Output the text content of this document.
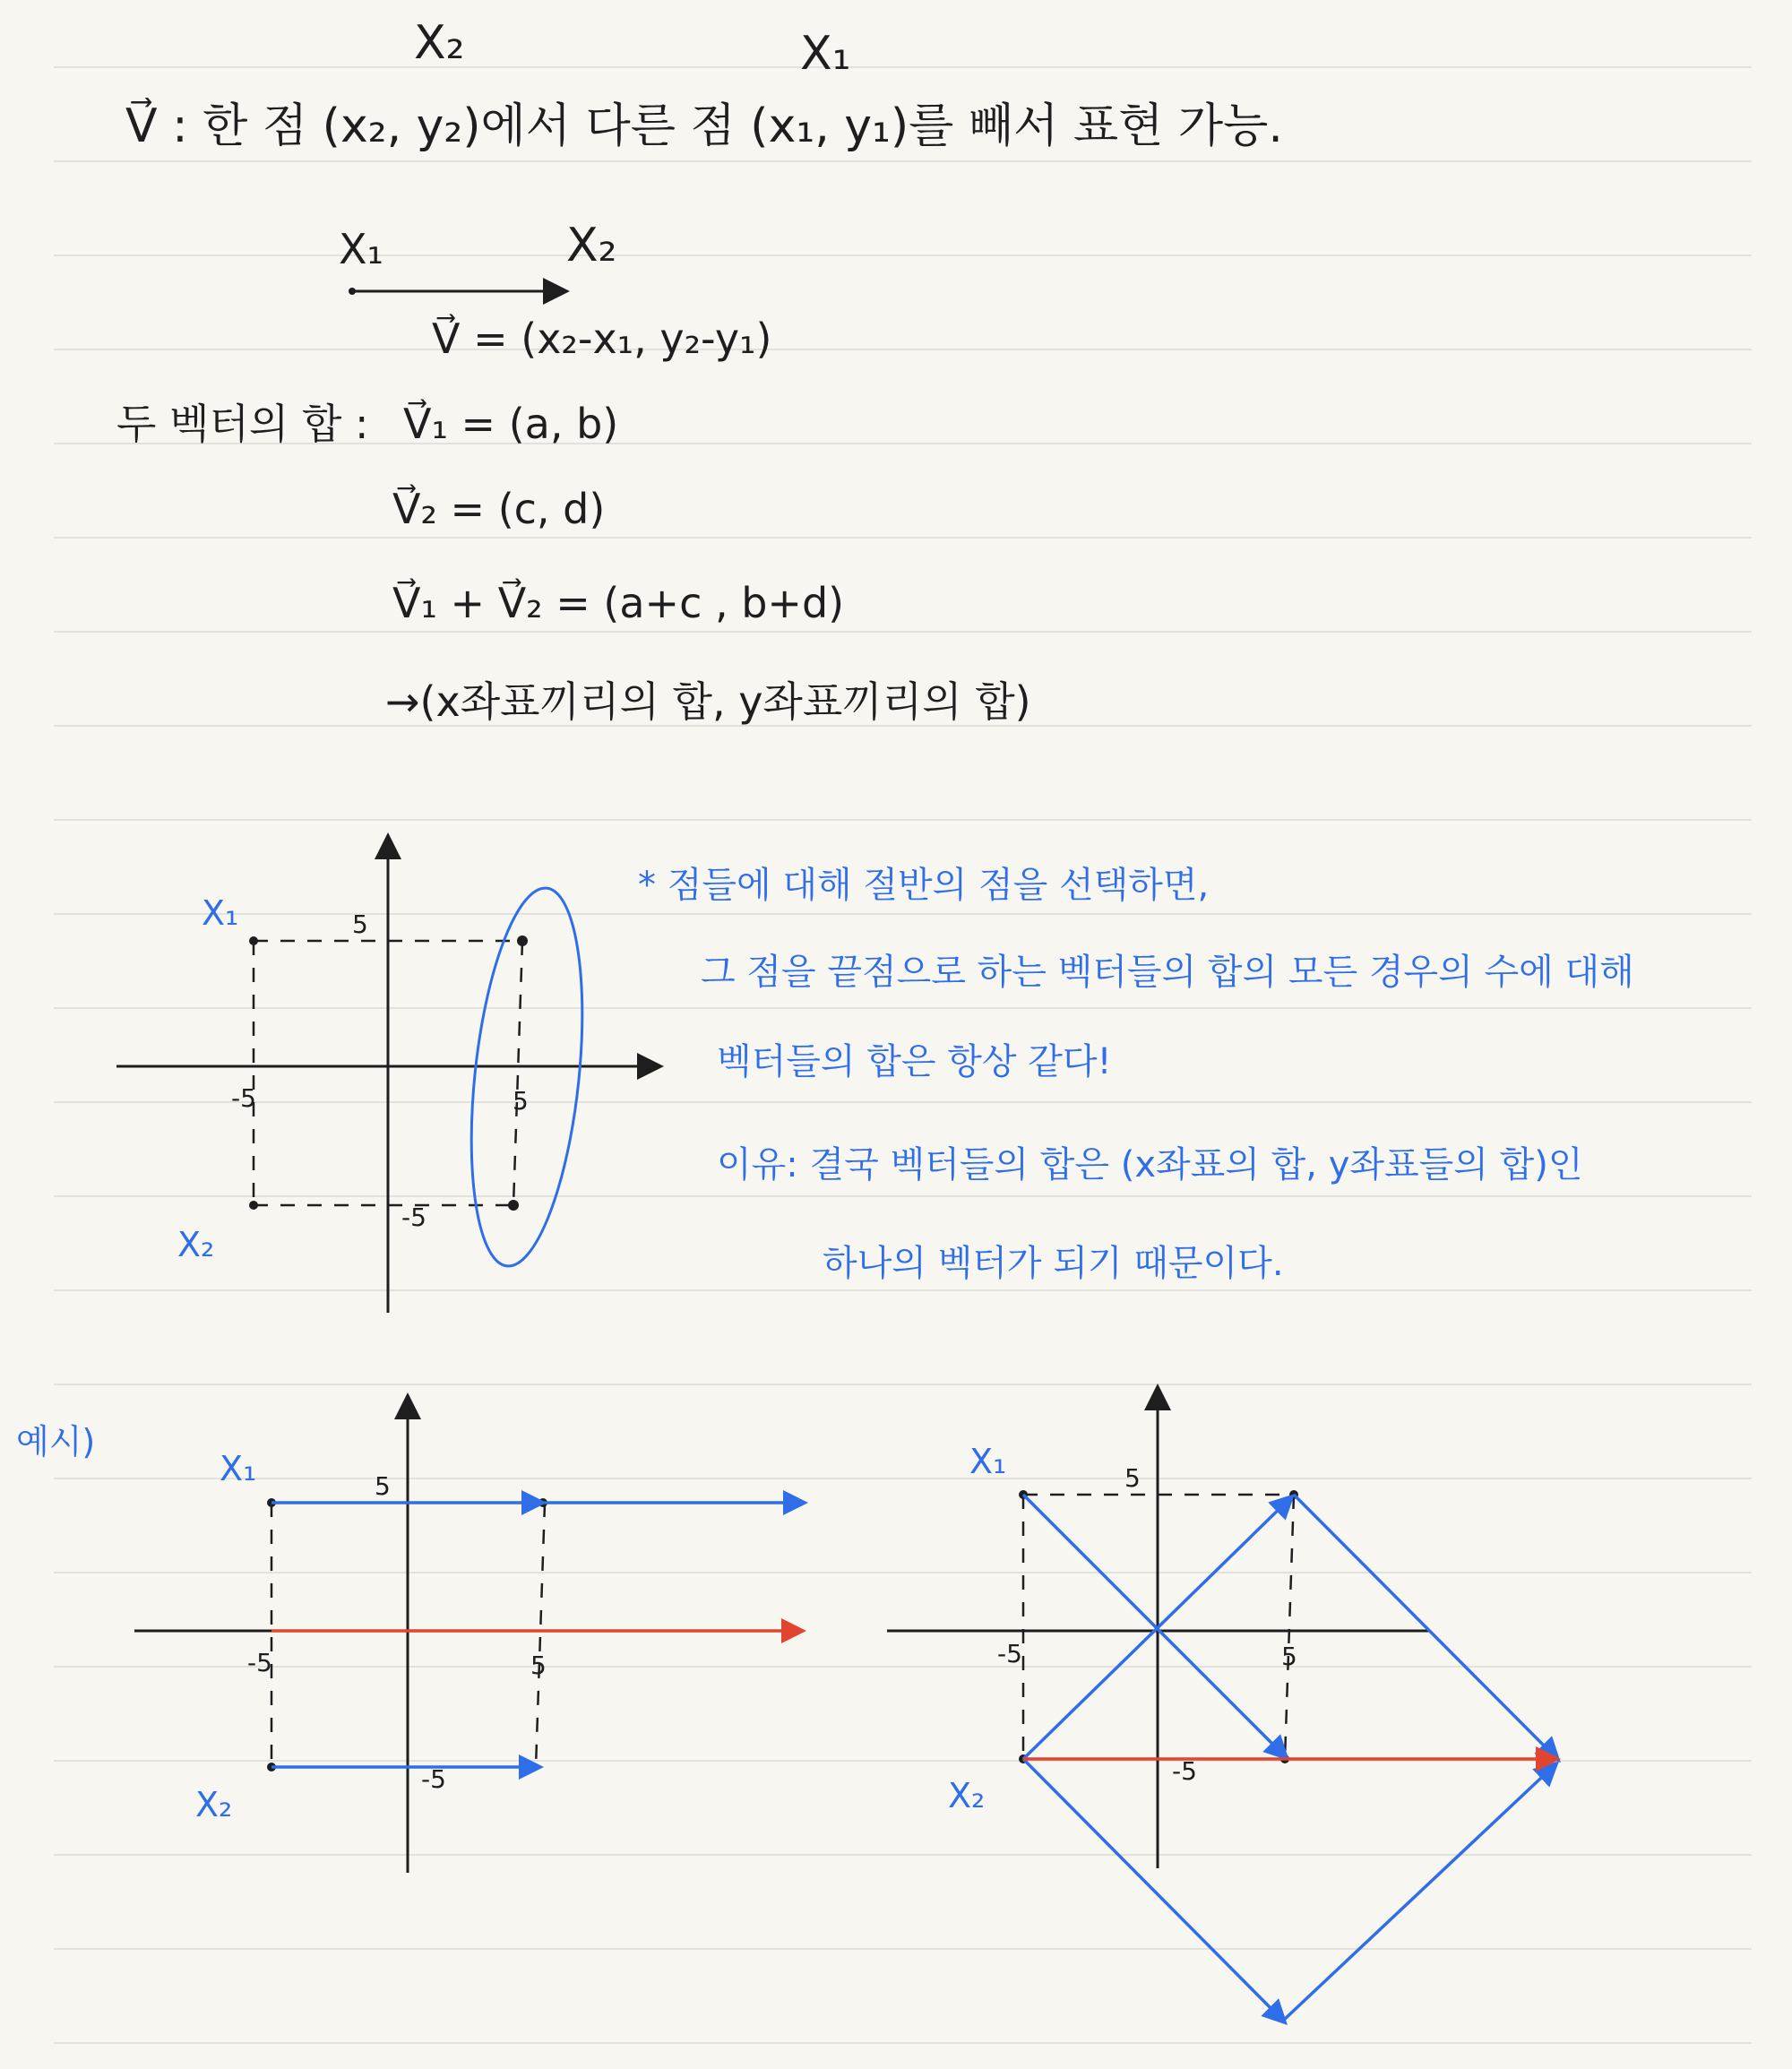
X₂	X₁
V⃗ : 한 점 (x₂, y₂)에서 다른 점 (x₁, y₁)를 빼서 표현 가능.
X₁	X₂
V⃗ = (x₂-x₁, y₂-y₁)
두 벡터의 합 : V⃗₁ = (a, b)
V⃗₂ = (c, d)
V⃗₁ + V⃗₂ = (a+c , b+d)
→(x좌표끼리의 합, y좌표끼리의 합)
X₁
X₂
5
-5	5
-5
* 점들에 대해 절반의 점을 선택하면,
그 점을 끝점으로 하는 벡터들의 합의 모든 경우의 수에 대해
벡터들의 합은 항상 같다!
이유: 결국 벡터들의 합은 (x좌표의 합, y좌표들의 합)인
하나의 벡터가 되기 때문이다.
예시)
X₁
X₂
5
-5	5
-5
X₁
X₂
5
-5	5
-5
